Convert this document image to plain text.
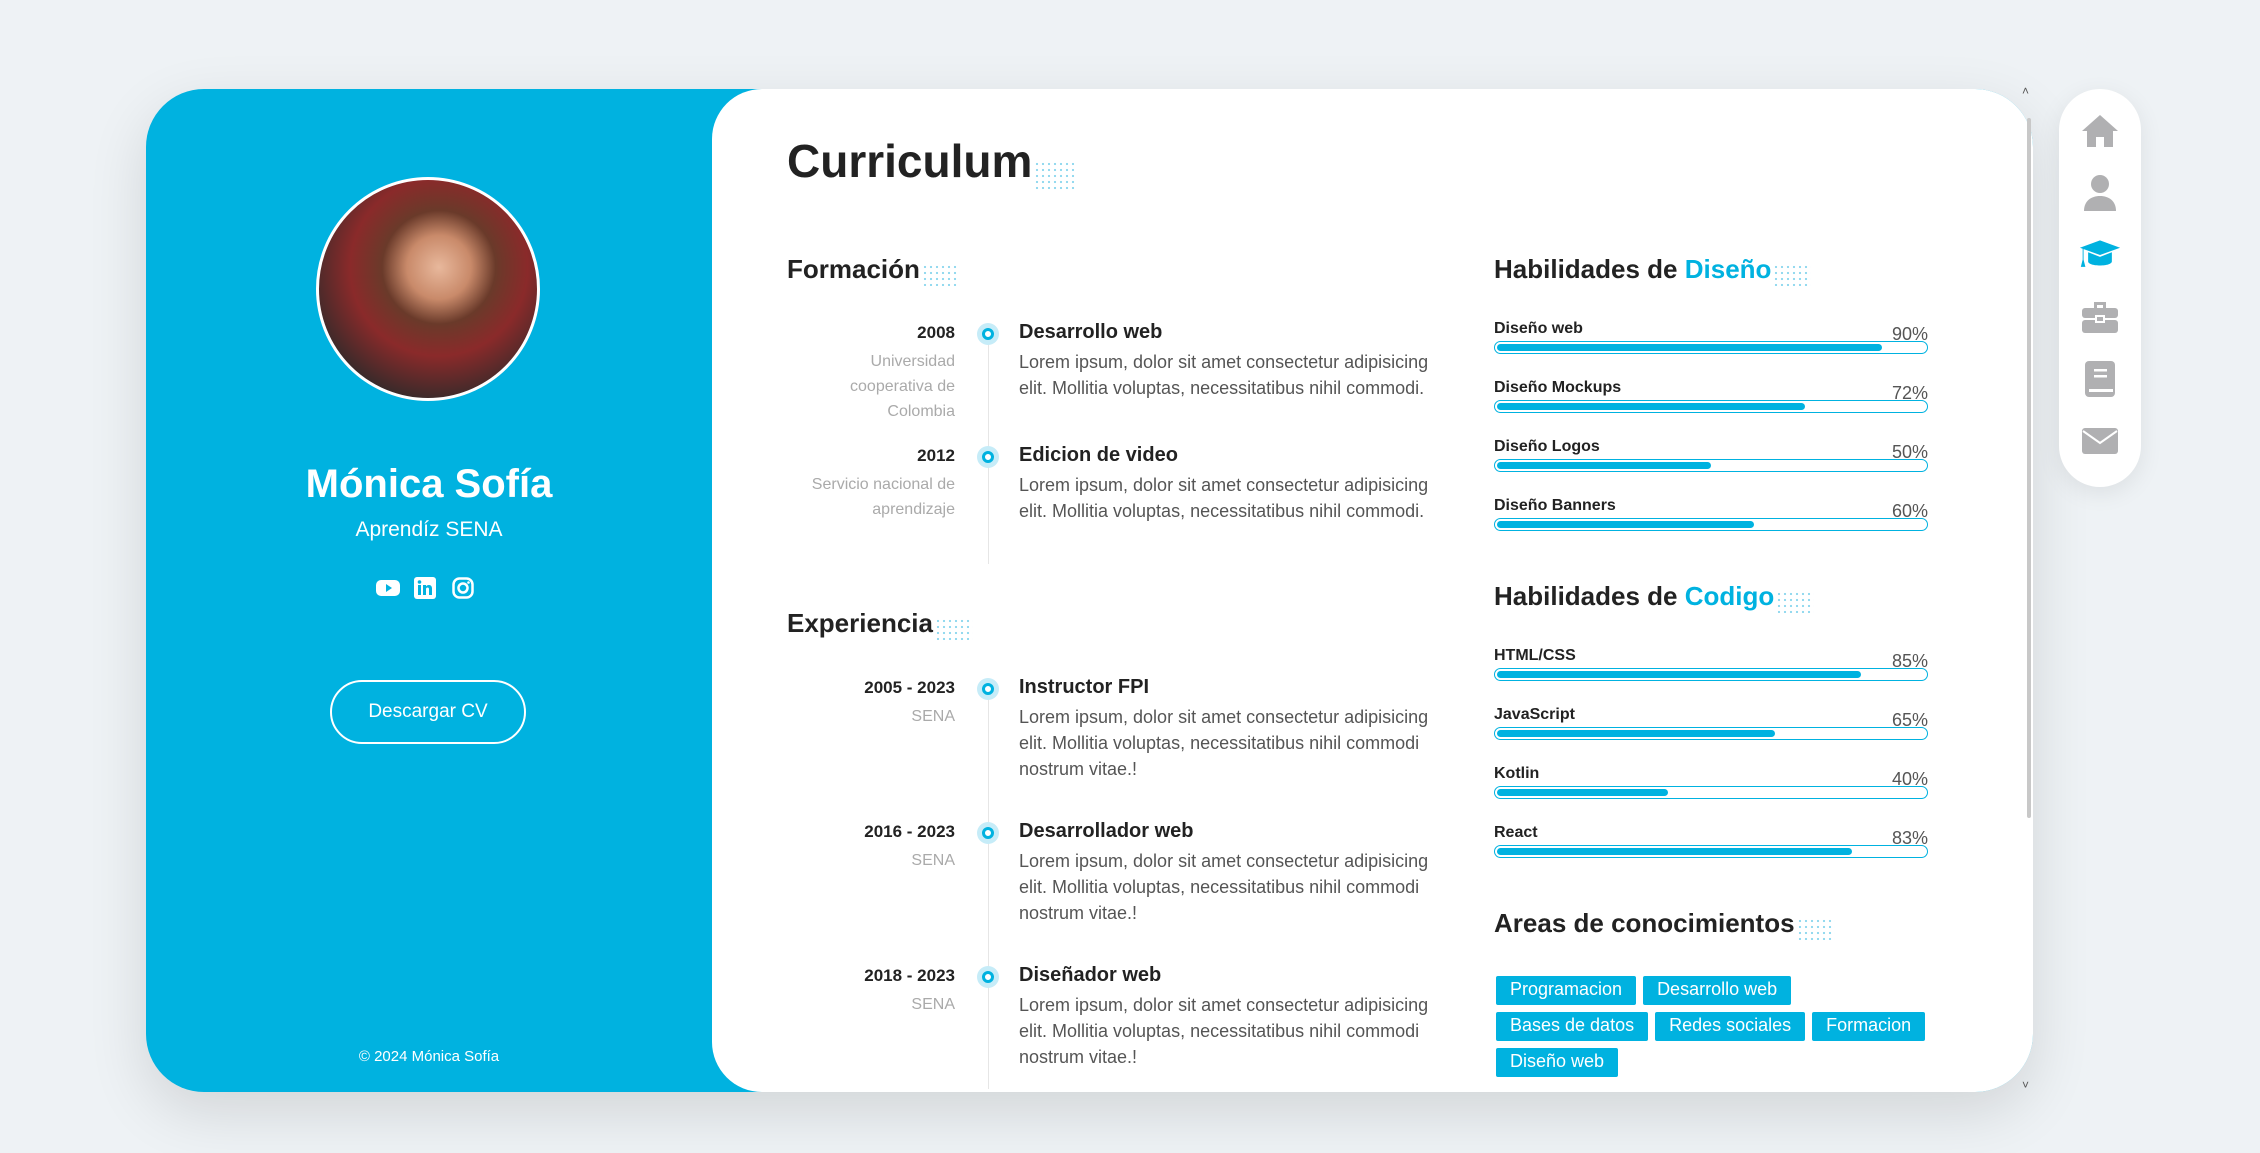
Mónica Sofía
Aprendíz SENA
Descargar CV
© 2024 Mónica Sofía
Curriculum
Formación
2008
Universidad cooperativa de Colombia
Desarrollo web
Lorem ipsum, dolor sit amet consectetur adipisicing elit. Mollitia voluptas, necessitatibus nihil commodi.
2012
Servicio nacional de aprendizaje
Edicion de video
Lorem ipsum, dolor sit amet consectetur adipisicing elit. Mollitia voluptas, necessitatibus nihil commodi.
Experiencia
2005 - 2023
SENA
Instructor FPI
Lorem ipsum, dolor sit amet consectetur adipisicing elit. Mollitia voluptas, necessitatibus nihil commodi nostrum vitae.!
2016 - 2023
SENA
Desarrollador web
Lorem ipsum, dolor sit amet consectetur adipisicing elit. Mollitia voluptas, necessitatibus nihil commodi nostrum vitae.!
2018 - 2023
SENA
Diseñador web
Lorem ipsum, dolor sit amet consectetur adipisicing elit. Mollitia voluptas, necessitatibus nihil commodi nostrum vitae.!
Habilidades de Diseño
Diseño web	90%
Diseño Mockups	72%
Diseño Logos	50%
Diseño Banners	60%
Habilidades de Codigo
HTML/CSS	85%
JavaScript	65%
Kotlin	40%
React	83%
Areas de conocimientos
Programacion	Desarrollo web
Bases de datos	Redes sociales	Formacion
Diseño web
˄
˅
